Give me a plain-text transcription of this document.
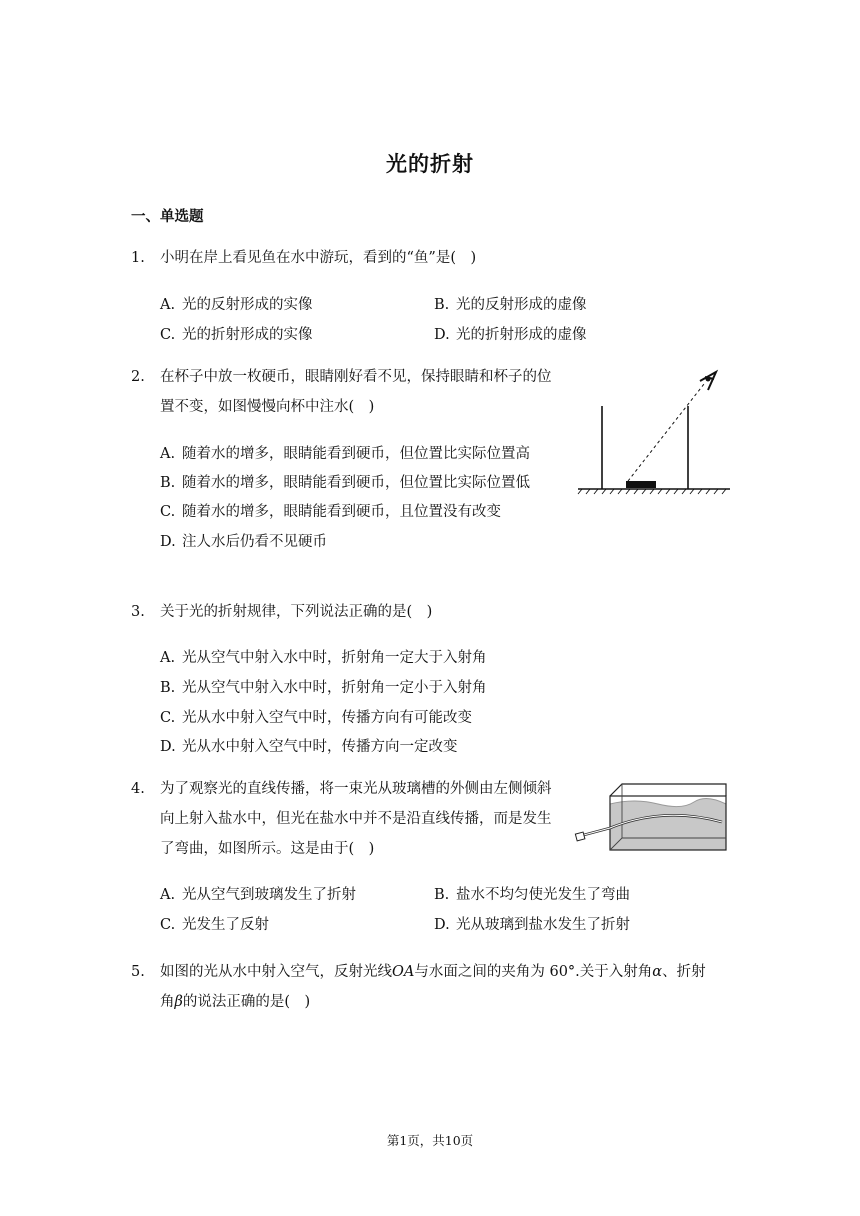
光的折射
一、单选题
1. 小明在岸上看见鱼在水中游玩，看到的“鱼”是(　)
A. 光的反射形成的实像	B. 光的反射形成的虚像
C. 光的折射形成的实像	D. 光的折射形成的虚像
2. 在杯子中放一枚硬币，眼睛刚好看不见，保持眼睛和杯子的位
置不变，如图慢慢向杯中注水(　)
A. 随着水的增多，眼睛能看到硬币，但位置比实际位置高
B. 随着水的增多，眼睛能看到硬币，但位置比实际位置低
C. 随着水的增多，眼睛能看到硬币，且位置没有改变
D. 注人水后仍看不见硬币
3. 关于光的折射规律，下列说法正确的是(　)
A. 光从空气中射入水中时，折射角一定大于入射角
B. 光从空气中射入水中时，折射角一定小于入射角
C. 光从水中射入空气中时，传播方向有可能改变
D. 光从水中射入空气中时，传播方向一定改变
4. 为了观察光的直线传播，将一束光从玻璃槽的外侧由左侧倾斜
向上射入盐水中，但光在盐水中并不是沿直线传播，而是发生
了弯曲，如图所示。这是由于(　)
A. 光从空气到玻璃发生了折射	B. 盐水不均匀使光发生了弯曲
C. 光发生了反射	D. 光从玻璃到盐水发生了折射
5. 如图的光从水中射入空气，反射光线OA与水面之间的夹角为 60°.关于入射角α、折射
角β的说法正确的是(　)
第1页，共10页
